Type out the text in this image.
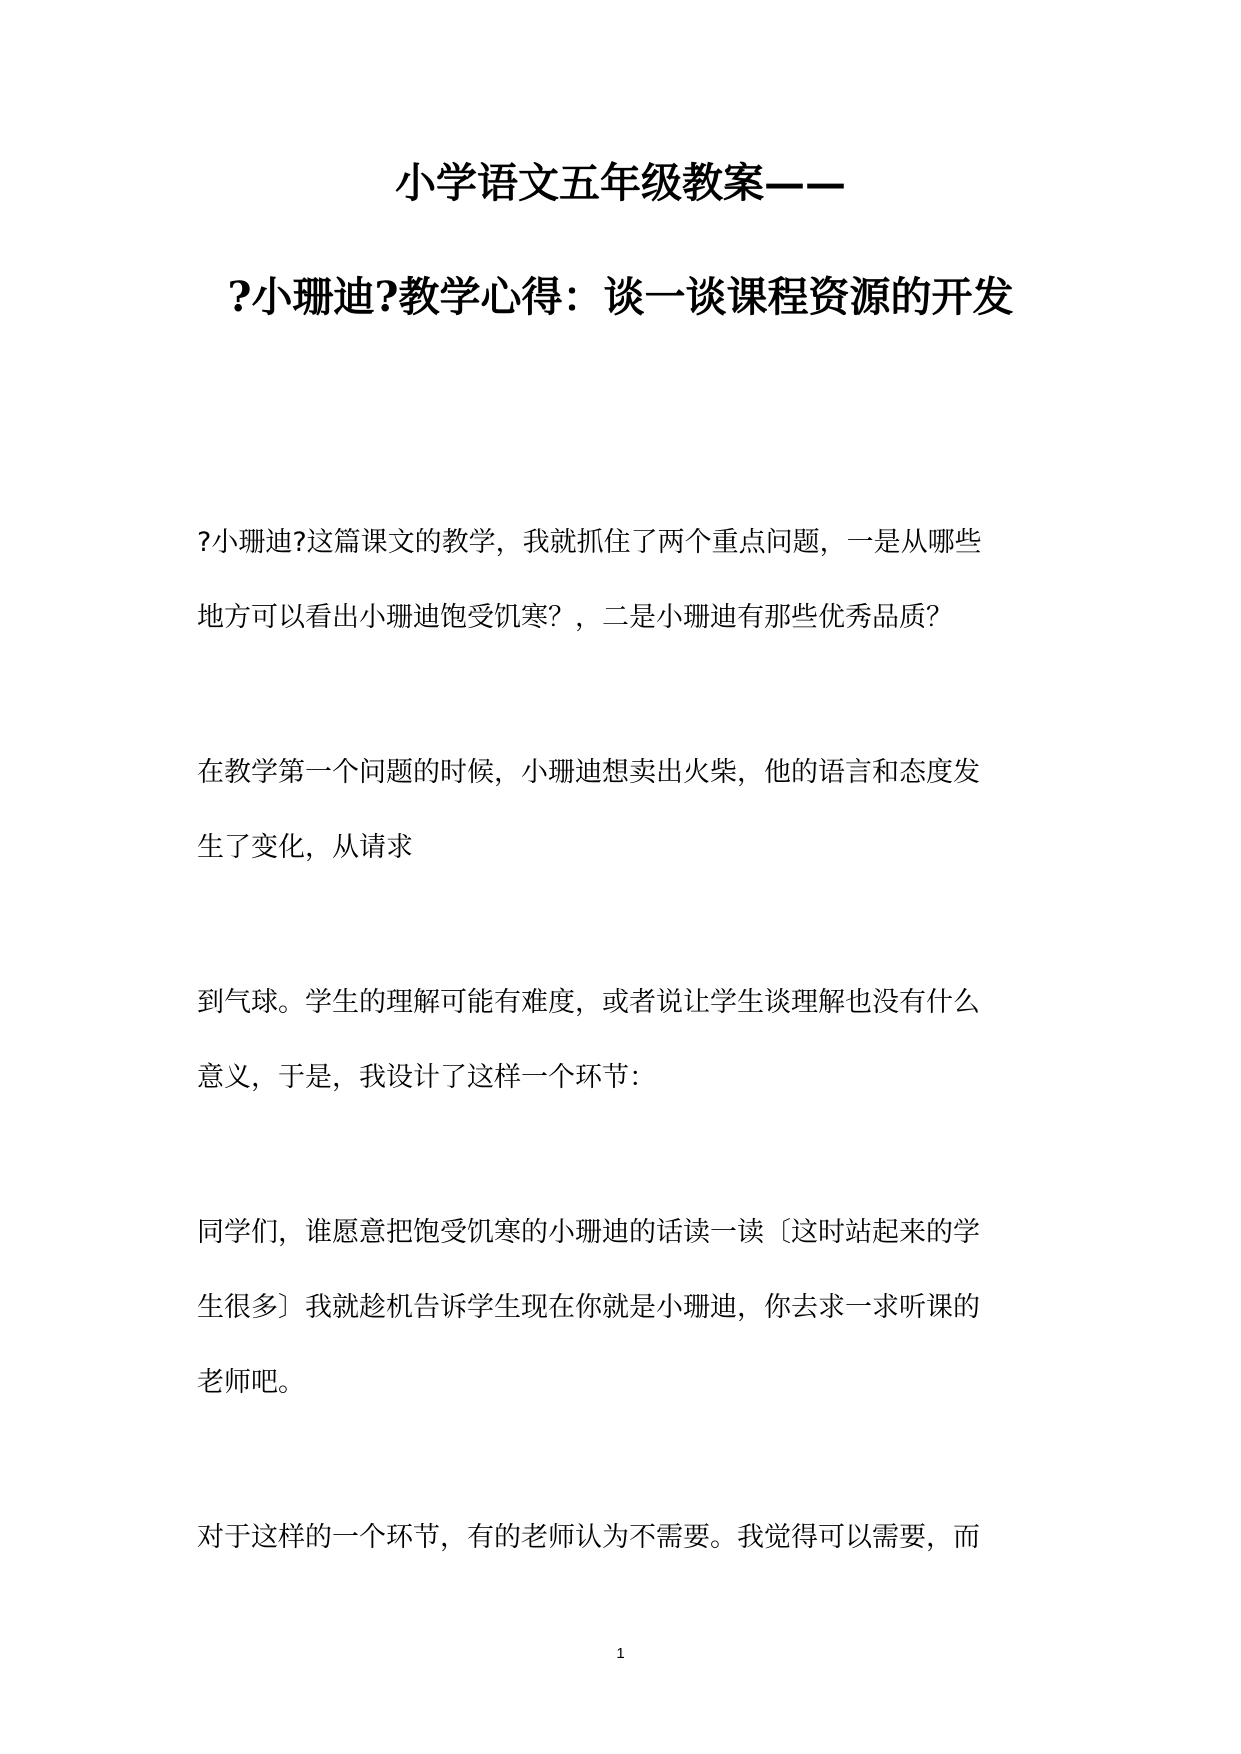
小学语文五年级教案——
?小珊迪?教学心得：谈一谈课程资源的开发
?小珊迪?这篇课文的教学，我就抓住了两个重点问题，一是从哪些
地方可以看出小珊迪饱受饥寒？，二是小珊迪有那些优秀品质？
在教学第一个问题的时候，小珊迪想卖出火柴，他的语言和态度发
生了变化，从请求
到气球。学生的理解可能有难度，或者说让学生谈理解也没有什么
意义，于是，我设计了这样一个环节：
同学们，谁愿意把饱受饥寒的小珊迪的话读一读〔这时站起来的学
生很多〕我就趁机告诉学生现在你就是小珊迪，你去求一求听课的
老师吧。
对于这样的一个环节，有的老师认为不需要。我觉得可以需要，而
1
